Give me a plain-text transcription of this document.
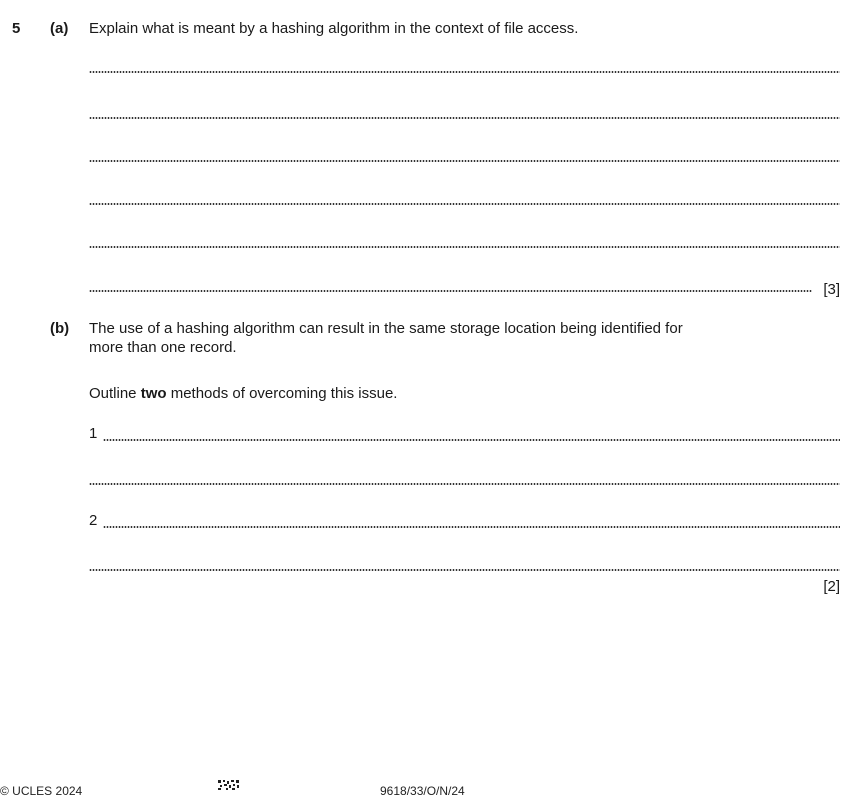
5 (a) Explain what is meant by a hashing algorithm in the context of file access.
[3]
(b) The use of a hashing algorithm can result in the same storage location being identified for
more than one record.
Outline two methods of overcoming this issue.
1
2
[2]
© UCLES 2024	9618/33/O/N/24
